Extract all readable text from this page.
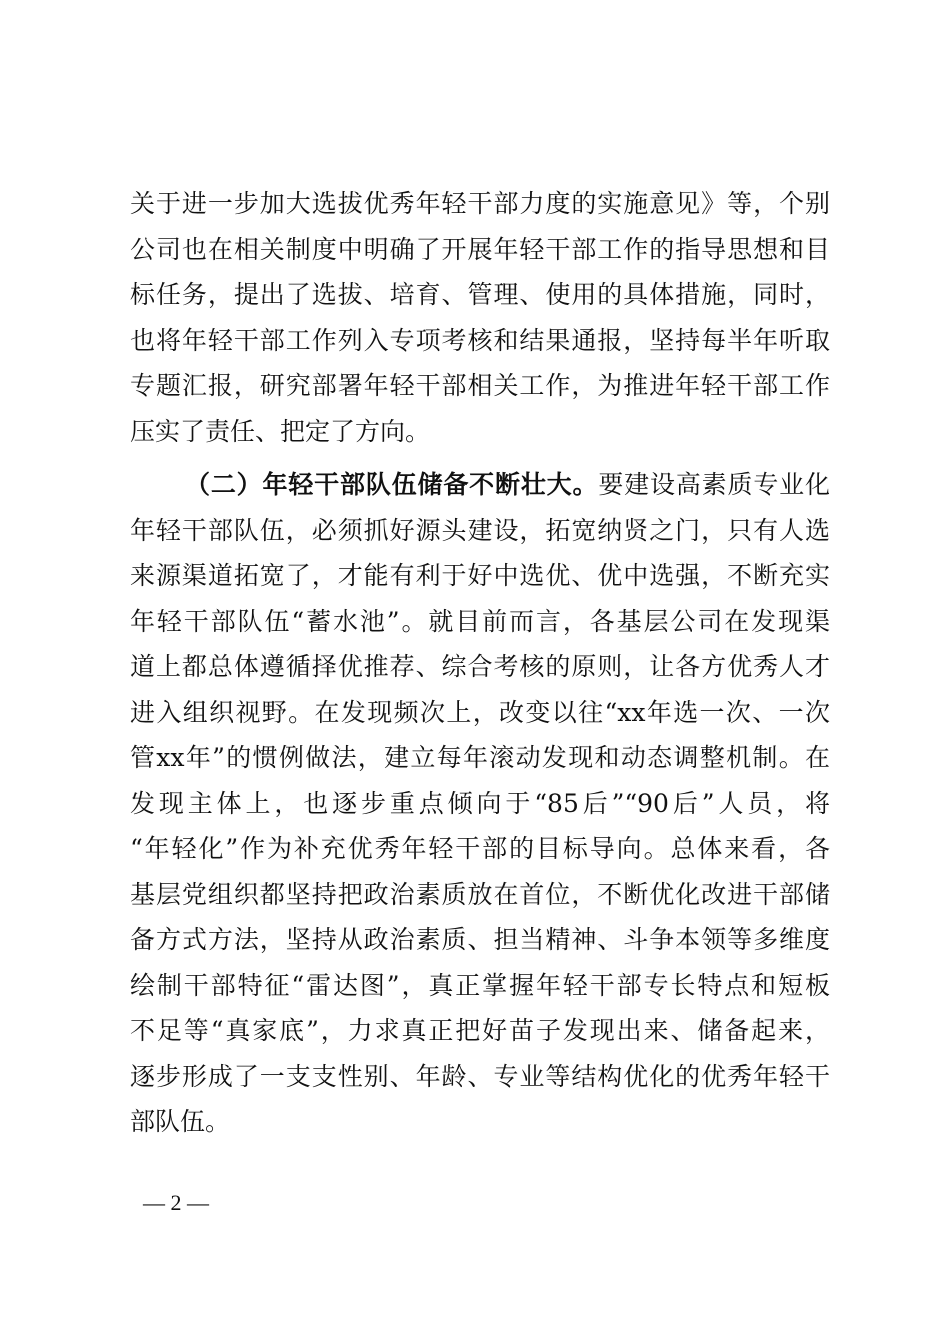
关于进一步加大选拔优秀年轻干部力度的实施意见》等，个别
公司也在相关制度中明确了开展年轻干部工作的指导思想和目
标任务，提出了选拔、培育、管理、使用的具体措施，同时，
也将年轻干部工作列入专项考核和结果通报，坚持每半年听取
专题汇报，研究部署年轻干部相关工作，为推进年轻干部工作
压实了责任、把定了方向。
（二）年轻干部队伍储备不断壮大。要建设高素质专业化
年轻干部队伍，必须抓好源头建设，拓宽纳贤之门，只有人选
来源渠道拓宽了，才能有利于好中选优、优中选强，不断充实
年轻干部队伍“蓄水池”。就目前而言，各基层公司在发现渠
道上都总体遵循择优推荐、综合考核的原则，让各方优秀人才
进入组织视野。在发现频次上，改变以往“xx年选一次、一次
管xx年”的惯例做法，建立每年滚动发现和动态调整机制。在
发现主体上，也逐步重点倾向于“85后”“90后”人员，将
“年轻化”作为补充优秀年轻干部的目标导向。总体来看，各
基层党组织都坚持把政治素质放在首位，不断优化改进干部储
备方式方法，坚持从政治素质、担当精神、斗争本领等多维度
绘制干部特征“雷达图”，真正掌握年轻干部专长特点和短板
不足等“真家底”，力求真正把好苗子发现出来、储备起来，
逐步形成了一支支性别、年龄、专业等结构优化的优秀年轻干
部队伍。
— 2 —
